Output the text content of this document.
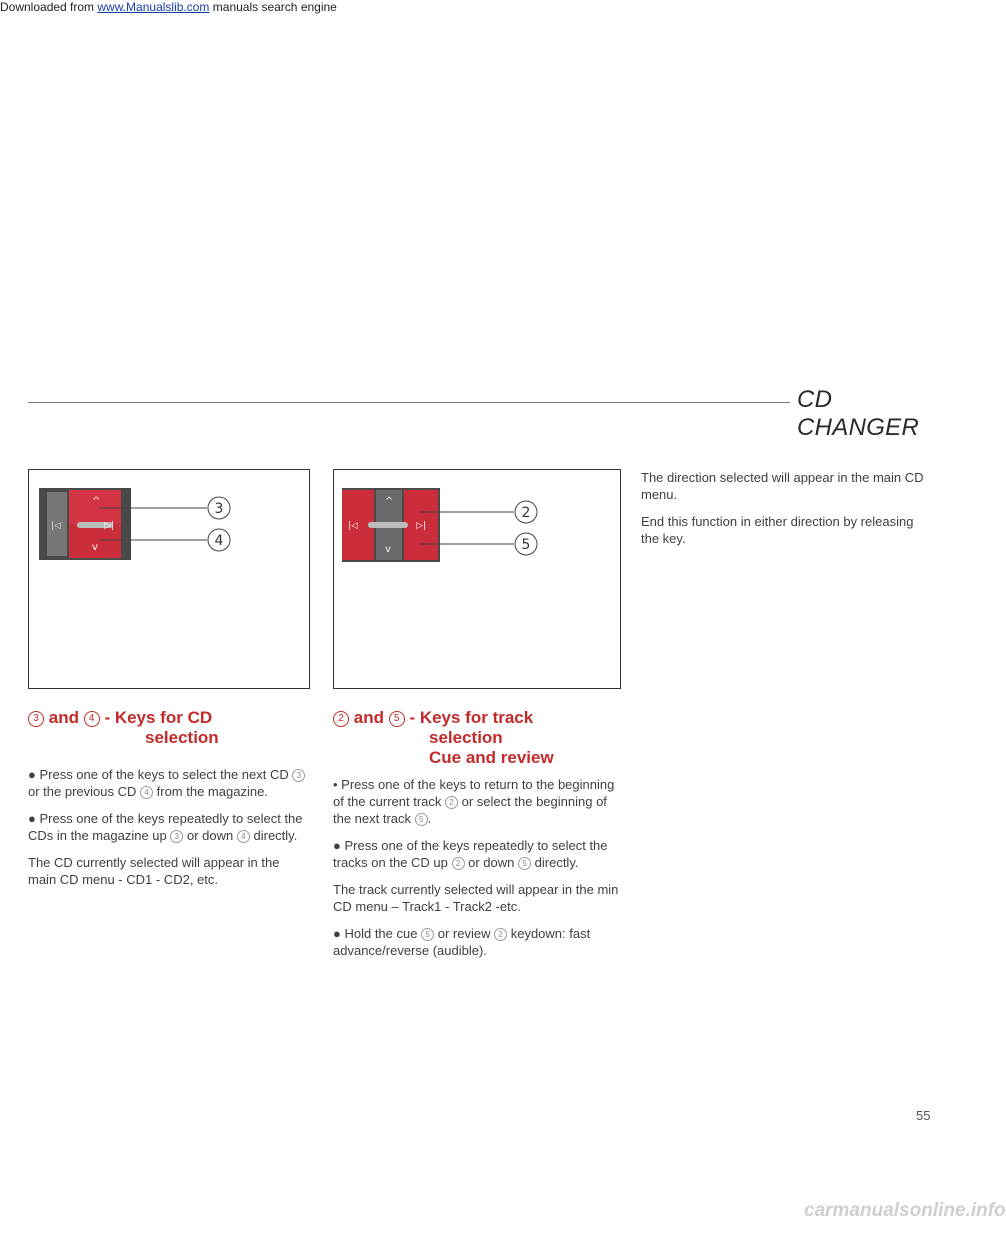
Downloaded from www.Manualslib.com manuals search engine
CD CHANGER
^
v
|◁	▷|
3
4
^
v
|◁	▷|
2
5
3 and 4 - Keys for CD
selection

● Press one of the keys to select the next CD 3 or the previous CD 4 from the magazine.

● Press one of the keys repeatedly to select the CDs in the magazine up 3 or down 4 directly.

The CD currently selected will appear in the main CD menu - CD1 - CD2, etc.

2 and 5 - Keys for track
selection
Cue and review

• Press one of the keys to return to the beginning of the current track 2 or select the beginning of the next track 5 .

● Press one of the keys repeatedly to select the tracks on the CD up 2 or down 5 directly.

The track currently selected will appear in the min CD menu – Track1 - Track2 -etc.

● Hold the cue 5 or review 2 keydown: fast advance/reverse (audible).

The direction selected will appear in the main CD menu.

End this function in either direction by releasing the key.

55
carmanualsonline.info
